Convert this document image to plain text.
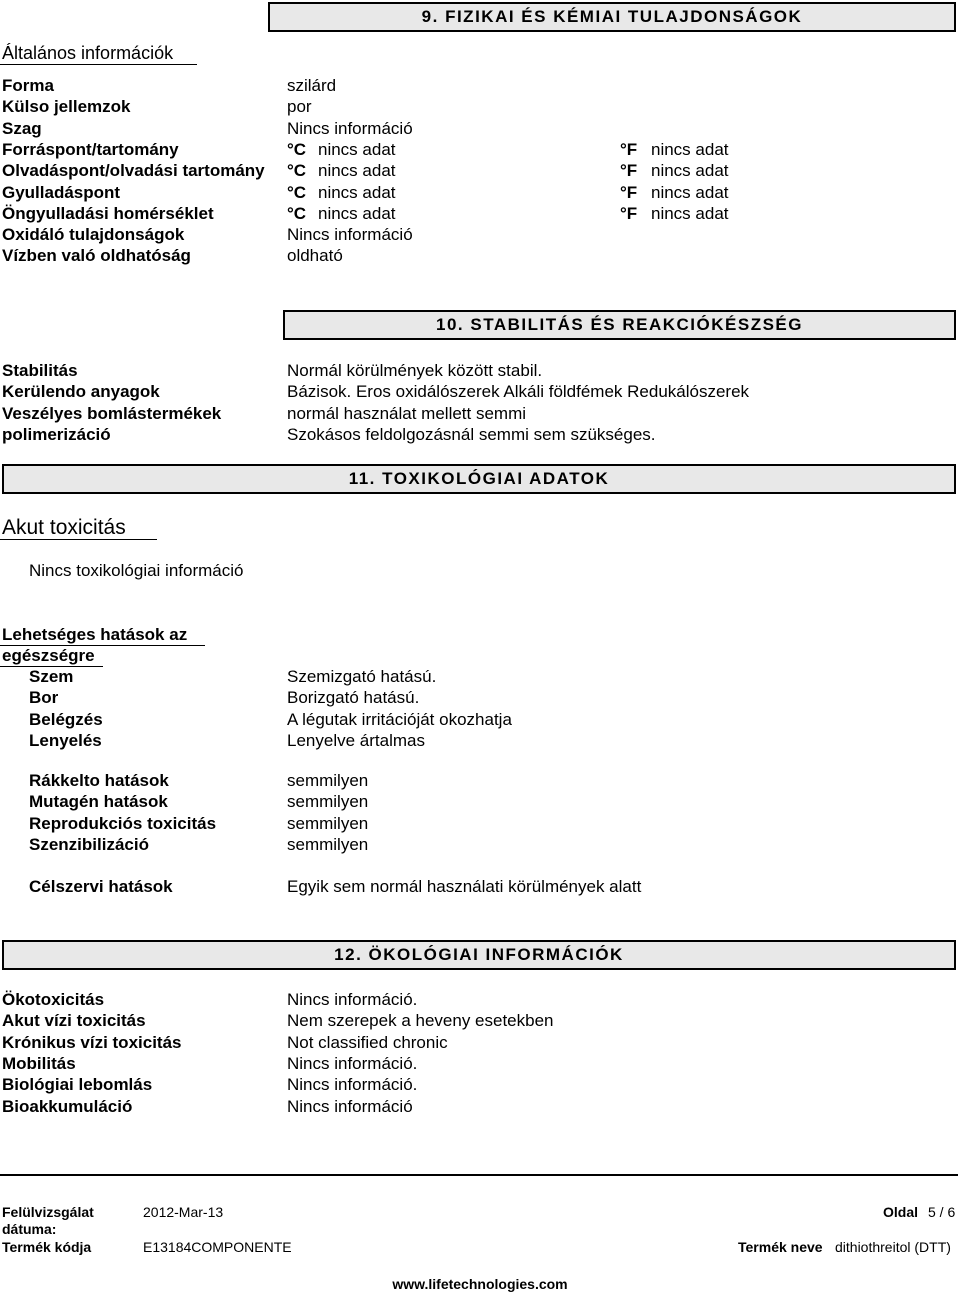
9. FIZIKAI ÉS KÉMIAI TULAJDONSÁGOK
Általános információk
Forma	szilárd
Külso jellemzok	por
Szag	Nincs információ
Forráspont/tartomány	°C nincs adat	°F nincs adat
Olvadáspont/olvadási tartomány °C nincs adat	°F nincs adat
Gyulladáspont	°C nincs adat	°F nincs adat
Öngyulladási homérséklet	°C nincs adat	°F nincs adat
Oxidáló tulajdonságok	Nincs információ
Vízben való oldhatóság	oldható
10. STABILITÁS ÉS REAKCIÓKÉSZSÉG
Stabilitás	Normál körülmények között stabil.
Kerülendo anyagok	Bázisok. Eros oxidálószerek Alkáli földfémek Redukálószerek
Veszélyes bomlástermékek	normál használat mellett semmi
polimerizáció	Szokásos feldolgozásnál semmi sem szükséges.
11. TOXIKOLÓGIAI ADATOK
Akut toxicitás
Nincs toxikológiai információ
Lehetséges hatások az
egészségre
Szem	Szemizgató hatású.
Bor	Borizgató hatású.
Belégzés	A légutak irritációját okozhatja
Lenyelés	Lenyelve ártalmas
Rákkelto hatások	semmilyen
Mutagén hatások	semmilyen
Reprodukciós toxicitás	semmilyen
Szenzibilizáció	semmilyen
Célszervi hatások	Egyik sem normál használati körülmények alatt
12. ÖKOLÓGIAI INFORMÁCIÓK
Ökotoxicitás	Nincs információ.
Akut vízi toxicitás	Nem szerepek a heveny esetekben
Krónikus vízi toxicitás	Not classified chronic
Mobilitás	Nincs információ.
Biológiai lebomlás	Nincs információ.
Bioakkumuláció	Nincs információ
Felülvizsgálat
dátuma:
2012-Mar-13	Oldal 5 / 6
Termék kódja	E13184COMPONENTE	Termék neve dithiothreitol (DTT)
www.lifetechnologies.com
